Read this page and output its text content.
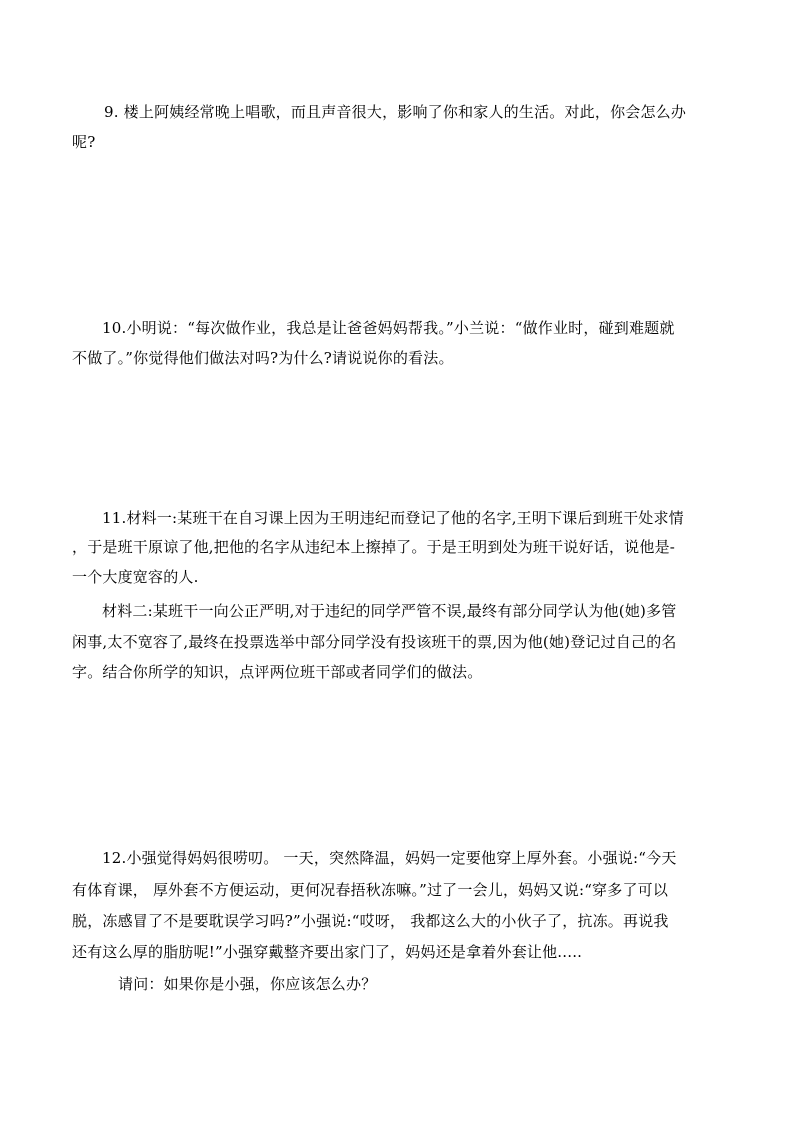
9. 楼上阿姨经常晚上唱歌，而且声音很大，影响了你和家人的生活。对此，你会怎么办
呢?
10.小明说：“每次做作业，我总是让爸爸妈妈帮我。”小兰说：“做作业时，碰到难题就
不做了。”你觉得他们做法对吗?为什么?请说说你的看法。
11.材料一:某班干在自习课上因为王明违纪而登记了他的名字,王明下课后到班干处求情
，于是班干原谅了他,把他的名字从违纪本上擦掉了。于是王明到处为班干说好话，说他是-
一个大度宽容的人.
材料二:某班干一向公正严明,对于违纪的同学严管不误,最终有部分同学认为他(她)多管
闲事,太不宽容了,最终在投票选举中部分同学没有投该班干的票,因为他(她)登记过自己的名
字。结合你所学的知识，点评两位班干部或者同学们的做法。
12.小强觉得妈妈很唠叨。 一天，突然降温，妈妈一定要他穿上厚外套。小强说:“今天
有体育课， 厚外套不方便运动，更何况春捂秋冻嘛。”过了一会儿，妈妈又说:“穿多了可以
脱，冻感冒了不是要耽误学习吗?”小强说:“哎呀， 我都这么大的小伙子了，抗冻。再说我
还有这么厚的脂肪呢!”小强穿戴整齐要出家门了，妈妈还是拿着外套让他.....
请问：如果你是小强，你应该怎么办？
